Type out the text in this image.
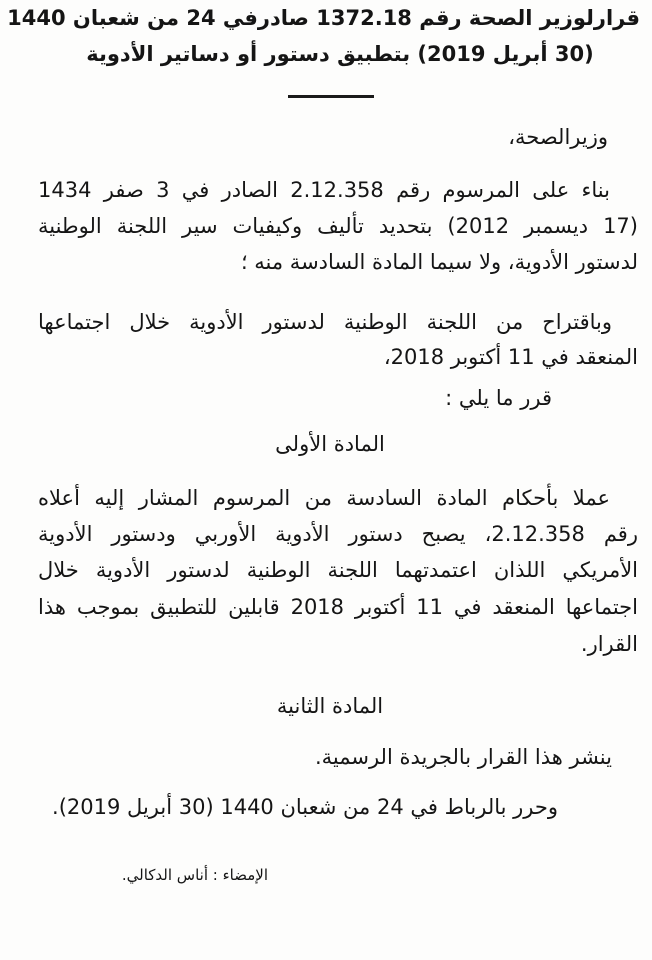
قرارلوزير الصحة رقم 1372.18 صادرفي 24 من شعبان 1440
(30 أبريل 2019) بتطبيق دستور أو دساتير الأدوية
وزيرالصحة،
بناء على المرسوم رقم 2.12.358 الصادر في 3 صفر 1434
(17 ديسمبر 2012) بتحديد تأليف وكيفيات سير اللجنة الوطنية
لدستور الأدوية، ولا سيما المادة السادسة منه ؛
وباقتراح من اللجنة الوطنية لدستور الأدوية خلال اجتماعها
المنعقد في 11 أكتوبر 2018،
قرر ما يلي :
المادة الأولى
عملا بأحكام المادة السادسة من المرسوم المشار إليه أعلاه
رقم 2.12.358، يصبح دستور الأدوية الأوربي ودستور الأدوية
الأمريكي اللذان اعتمدتهما اللجنة الوطنية لدستور الأدوية خلال
اجتماعها المنعقد في 11 أكتوبر 2018 قابلين للتطبيق بموجب هذا
القرار.
المادة الثانية
ينشر هذا القرار بالجريدة الرسمية.
وحرر بالرباط في 24 من شعبان 1440 (30 أبريل 2019).
الإمضاء : أناس الدكالي.
